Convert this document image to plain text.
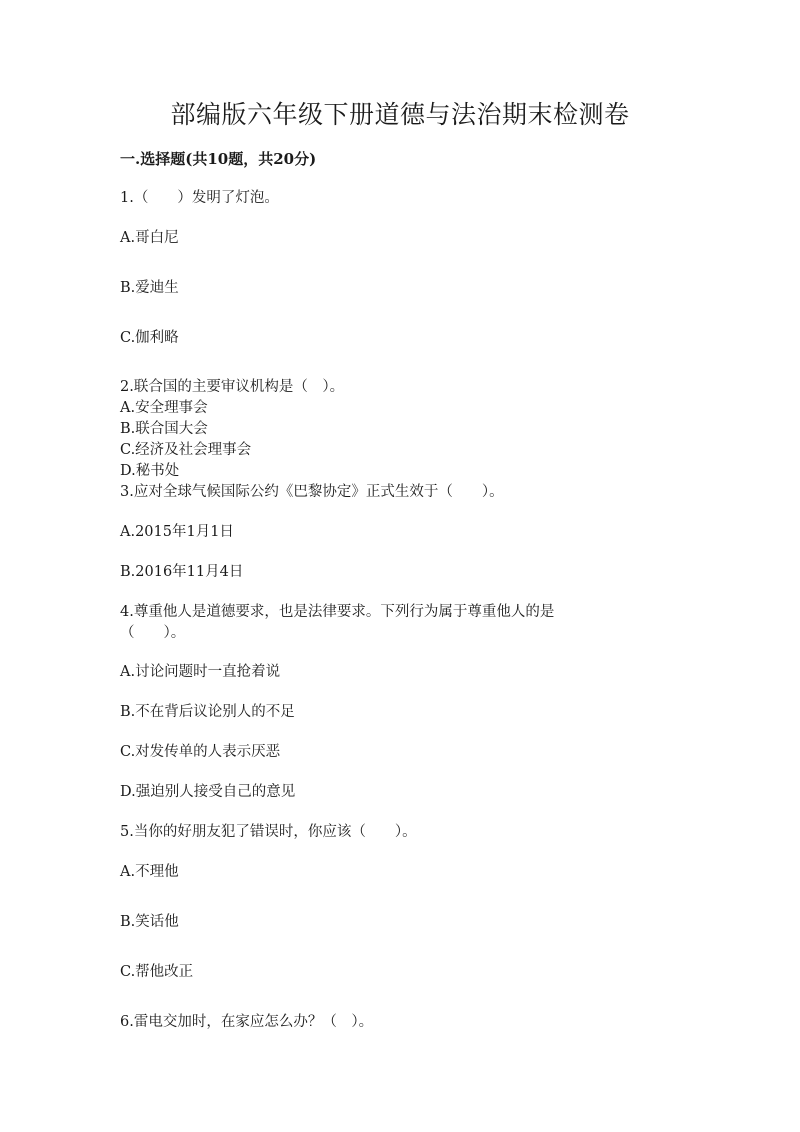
部编版六年级下册道德与法治期末检测卷
一.选择题(共10题，共20分)
1.（　　）发明了灯泡。
A.哥白尼
B.爱迪生
C.伽利略
2.联合国的主要审议机构是（　）。
A.安全理事会
B.联合国大会
C.经济及社会理事会
D.秘书处
3.应对全球气候国际公约《巴黎协定》正式生效于（　　）。
A.2015年1月1日
B.2016年11月4日
4.尊重他人是道德要求，也是法律要求。下列行为属于尊重他人的是
（　　）。
A.讨论问题时一直抢着说
B.不在背后议论别人的不足
C.对发传单的人表示厌恶
D.强迫别人接受自己的意见
5.当你的好朋友犯了错误时，你应该（　　）。
A.不理他
B.笑话他
C.帮他改正
6.雷电交加时，在家应怎么办？（　）。
